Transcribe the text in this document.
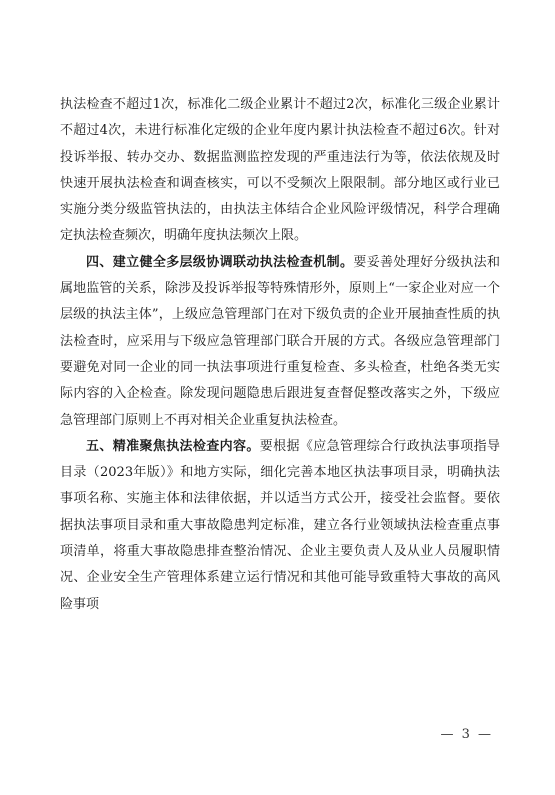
执法检查不超过1次，标准化二级企业累计不超过2次，标准化三级企业累计不超过4次，未进行标准化定级的企业年度内累计执法检查不超过6次。针对投诉举报、转办交办、数据监测监控发现的严重违法行为等，依法依规及时快速开展执法检查和调查核实，可以不受频次上限限制。部分地区或行业已实施分类分级监管执法的，由执法主体结合企业风险评级情况，科学合理确定执法检查频次，明确年度执法频次上限。

四、建立健全多层级协调联动执法检查机制。要妥善处理好分级执法和属地监管的关系，除涉及投诉举报等特殊情形外，原则上“一家企业对应一个层级的执法主体”，上级应急管理部门在对下级负责的企业开展抽查性质的执法检查时，应采用与下级应急管理部门联合开展的方式。各级应急管理部门要避免对同一企业的同一执法事项进行重复检查、多头检查，杜绝各类无实际内容的入企检查。除发现问题隐患后跟进复查督促整改落实之外，下级应急管理部门原则上不再对相关企业重复执法检查。

五、精准聚焦执法检查内容。要根据《应急管理综合行政执法事项指导目录（2023年版）》和地方实际，细化完善本地区执法事项目录，明确执法事项名称、实施主体和法律依据，并以适当方式公开，接受社会监督。要依据执法事项目录和重大事故隐患判定标准，建立各行业领域执法检查重点事项清单，将重大事故隐患排查整治情况、企业主要负责人及从业人员履职情况、企业安全生产管理体系建立运行情况和其他可能导致重特大事故的高风险事项

— 3 —
